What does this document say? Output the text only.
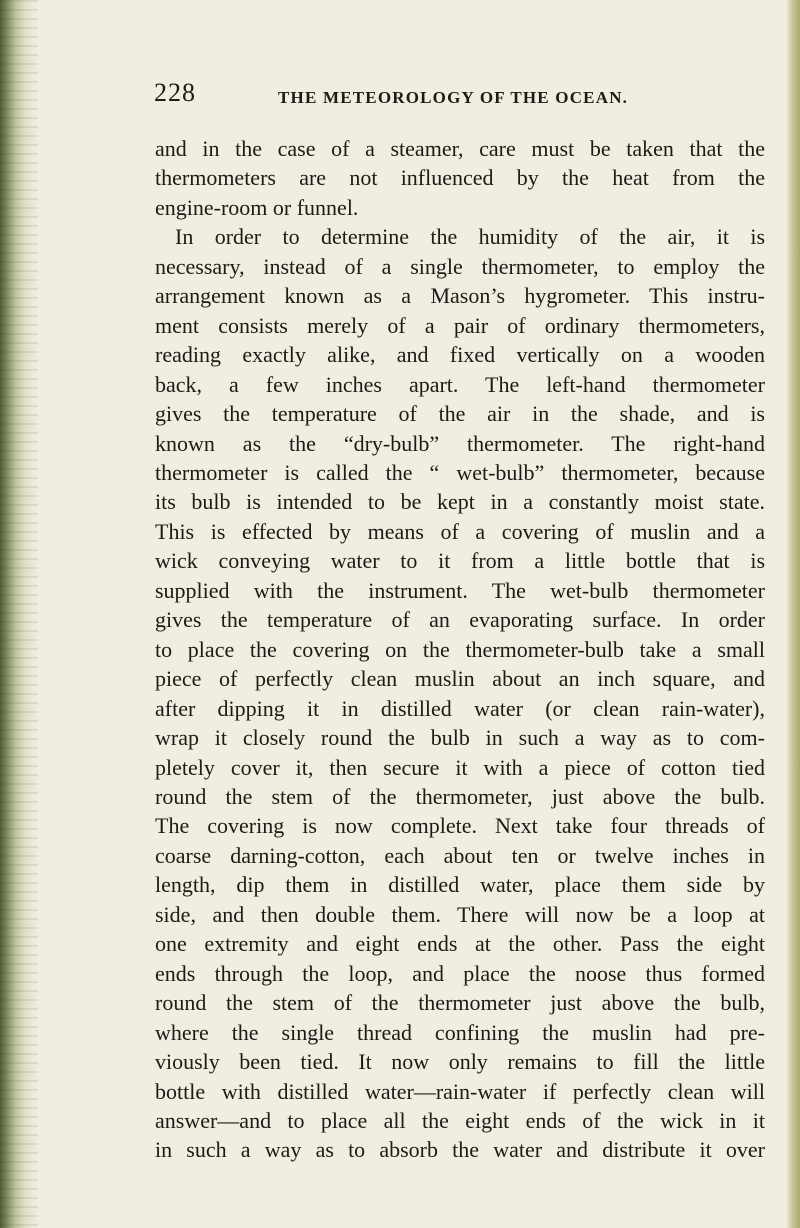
228	THE METEOROLOGY OF THE OCEAN.
and in the case of a steamer, care must be taken that the
thermometers are not influenced by the heat from the
engine-room or funnel.
In order to determine the humidity of the air, it is
necessary, instead of a single thermometer, to employ the
arrangement known as a Mason’s hygrometer. This instru-
ment consists merely of a pair of ordinary thermometers,
reading exactly alike, and fixed vertically on a wooden
back, a few inches apart. The left-hand thermometer
gives the temperature of the air in the shade, and is
known as the “dry-bulb” thermometer. The right-hand
thermometer is called the “ wet-bulb” thermometer, because
its bulb is intended to be kept in a constantly moist state.
This is effected by means of a covering of muslin and a
wick conveying water to it from a little bottle that is
supplied with the instrument. The wet-bulb thermometer
gives the temperature of an evaporating surface. In order
to place the covering on the thermometer-bulb take a small
piece of perfectly clean muslin about an inch square, and
after dipping it in distilled water (or clean rain-water),
wrap it closely round the bulb in such a way as to com-
pletely cover it, then secure it with a piece of cotton tied
round the stem of the thermometer, just above the bulb.
The covering is now complete. Next take four threads of
coarse darning-cotton, each about ten or twelve inches in
length, dip them in distilled water, place them side by
side, and then double them. There will now be a loop at
one extremity and eight ends at the other. Pass the eight
ends through the loop, and place the noose thus formed
round the stem of the thermometer just above the bulb,
where the single thread confining the muslin had pre-
viously been tied. It now only remains to fill the little
bottle with distilled water—rain-water if perfectly clean will
answer—and to place all the eight ends of the wick in it
in such a way as to absorb the water and distribute it over
